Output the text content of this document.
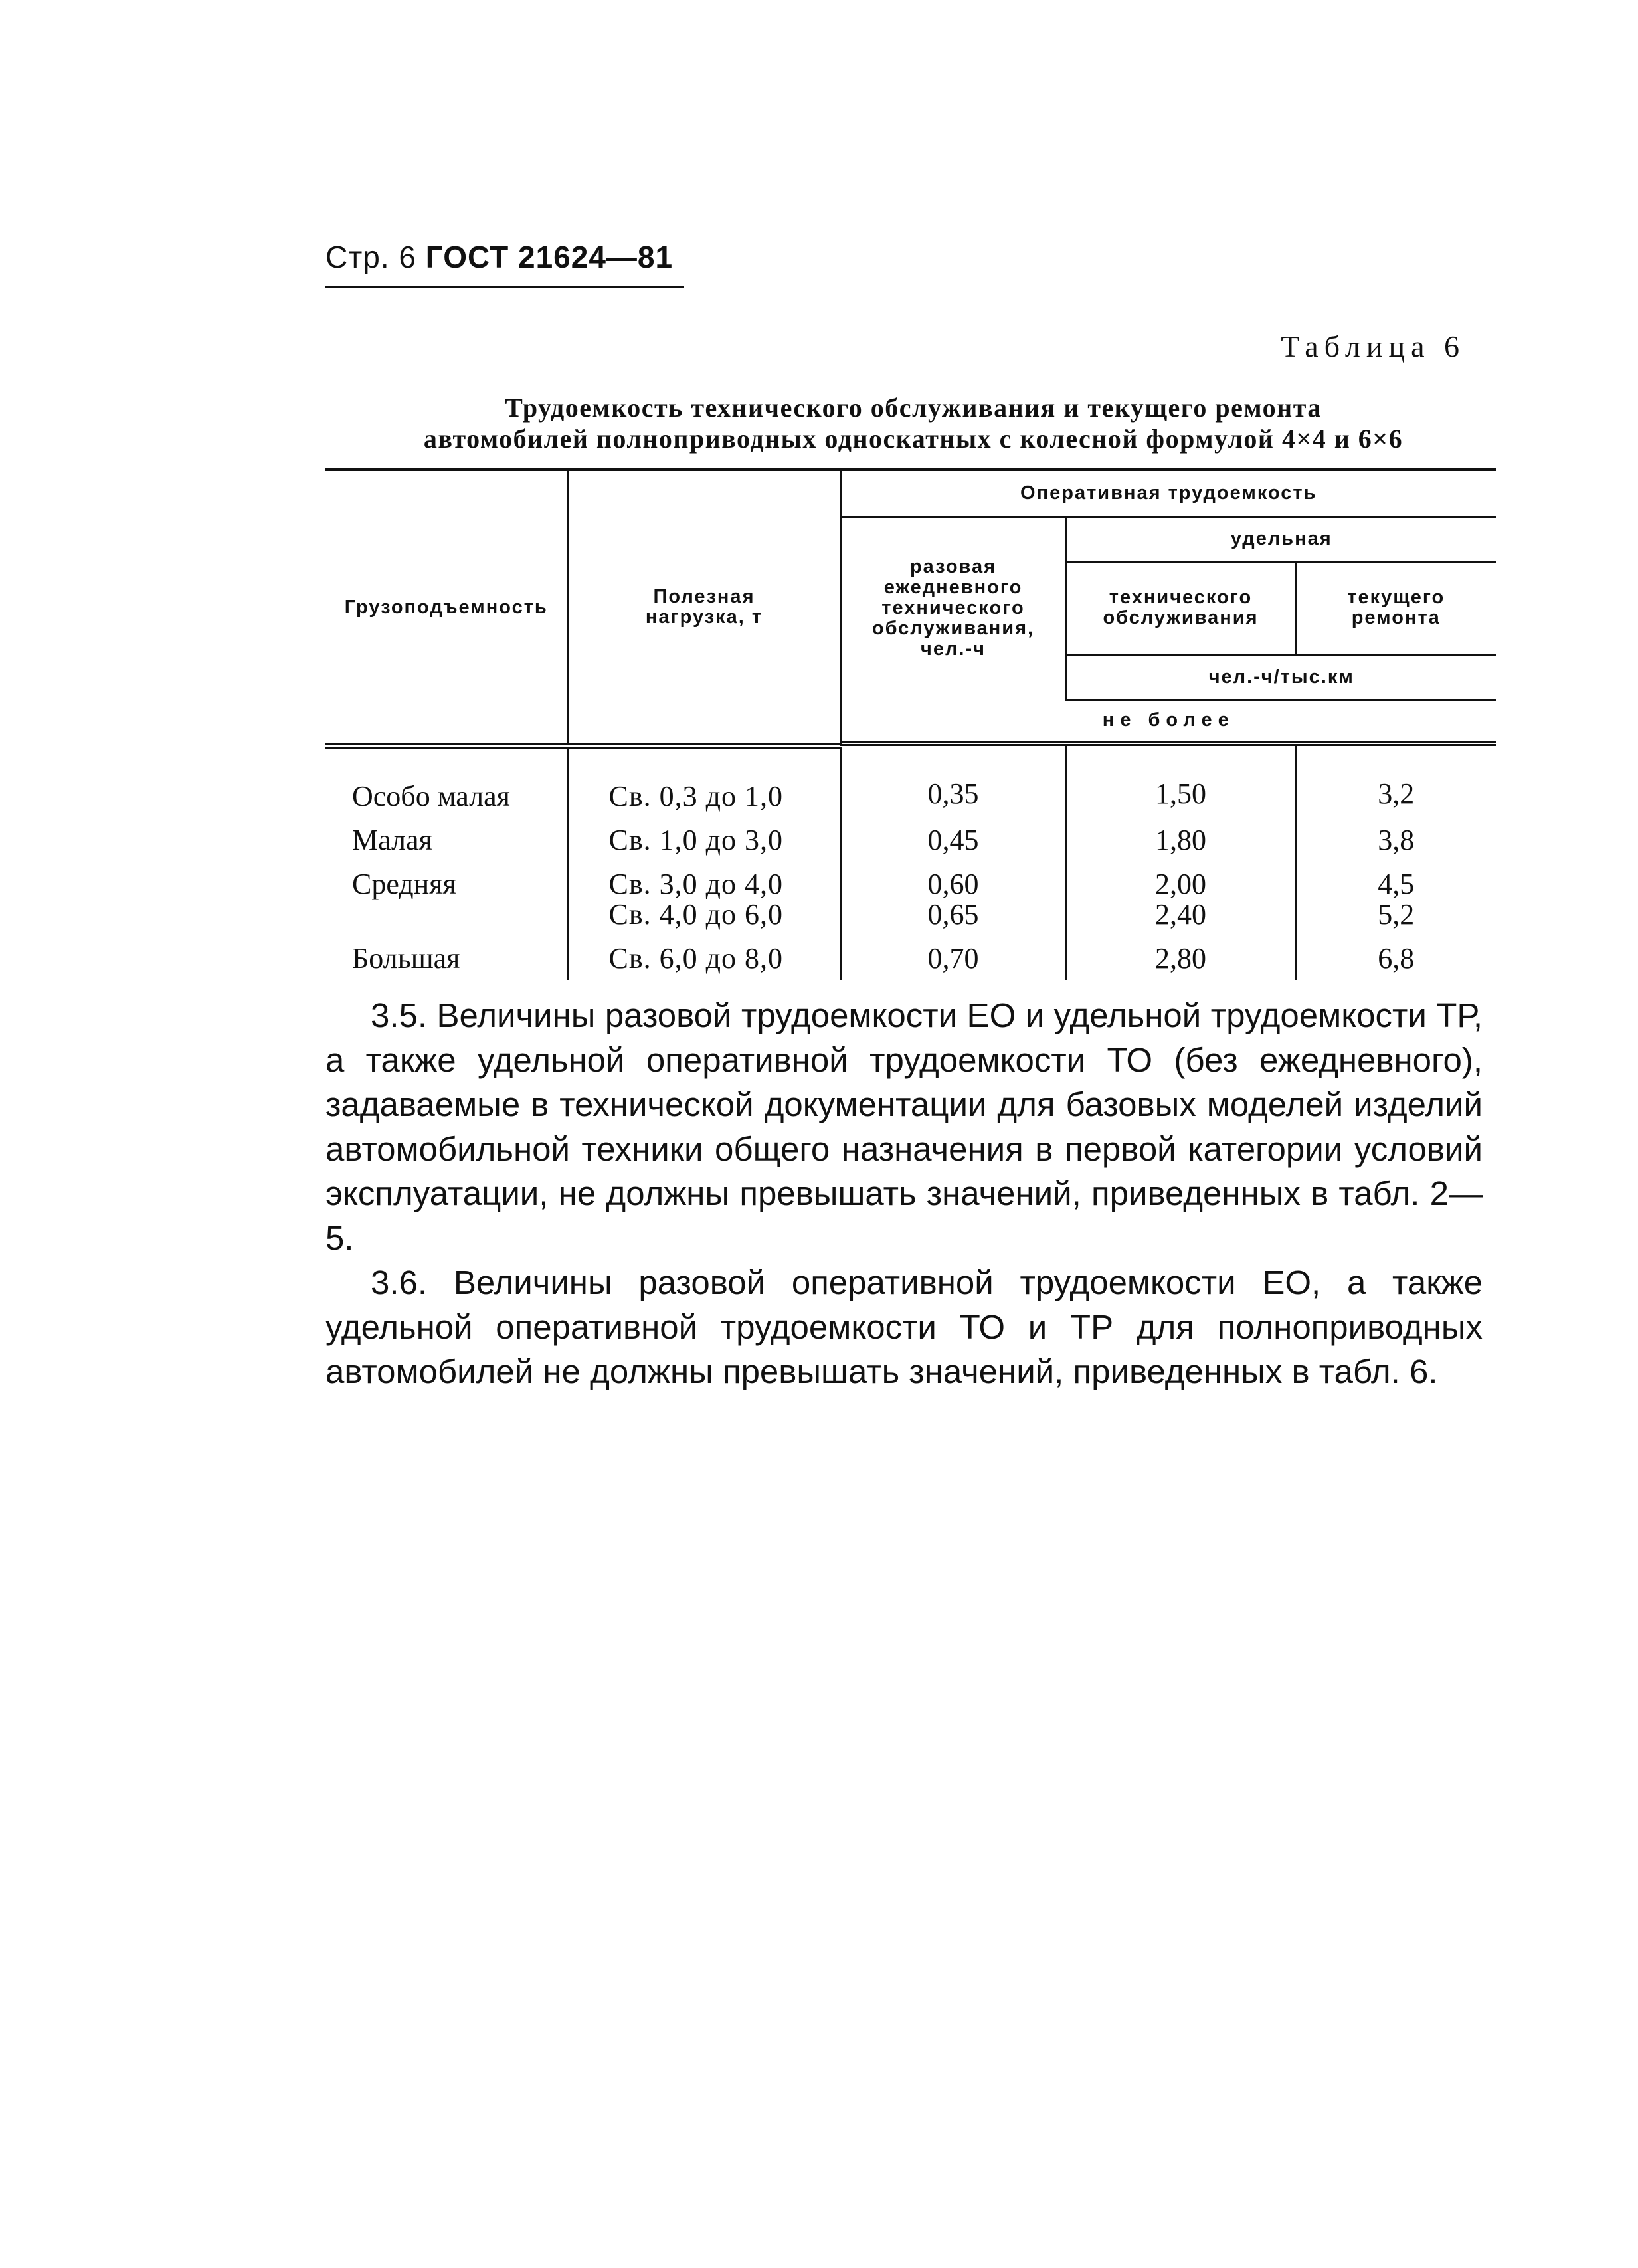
Стр. 6 ГОСТ 21624—81
Таблица 6
Трудоемкость технического обслуживания и текущего ремонта
автомобилей полноприводных односкатных с колесной формулой 4×4 и 6×6
Грузоподъемность	Полезная нагрузка, т	Оперативная трудоемкость		
		разовая ежедневного технического обслуживания, чел.-ч	удельная	
			технического обслуживания	текущего ремонта
			чел.-ч/тыс.км	
		не более		

Особо малая	Св. 0,3 до 1,0	0,35	1,50	3,2
Малая	Св. 1,0 до 3,0	0,45	1,80	3,8
Средняя	Св. 3,0 до 4,0	0,60	2,00	4,5
	Св. 4,0 до 6,0	0,65	2,40	5,2
Большая	Св. 6,0 до 8,0	0,70	2,80	6,8

3.5. Величины разовой трудоемкости ЕО и удельной трудоемкости ТР, а также удельной оперативной трудоемкости ТО (без ежедневного), задаваемые в технической документации для базовых моделей изделий автомобильной техники общего назначения в первой категории условий эксплуатации, не должны превышать значений, приведенных в табл. 2—5.

3.6. Величины разовой оперативной трудоемкости ЕО, а также удельной оперативной трудоемкости ТО и ТР для полноприводных автомобилей не должны превышать значений, приведенных в табл. 6.
